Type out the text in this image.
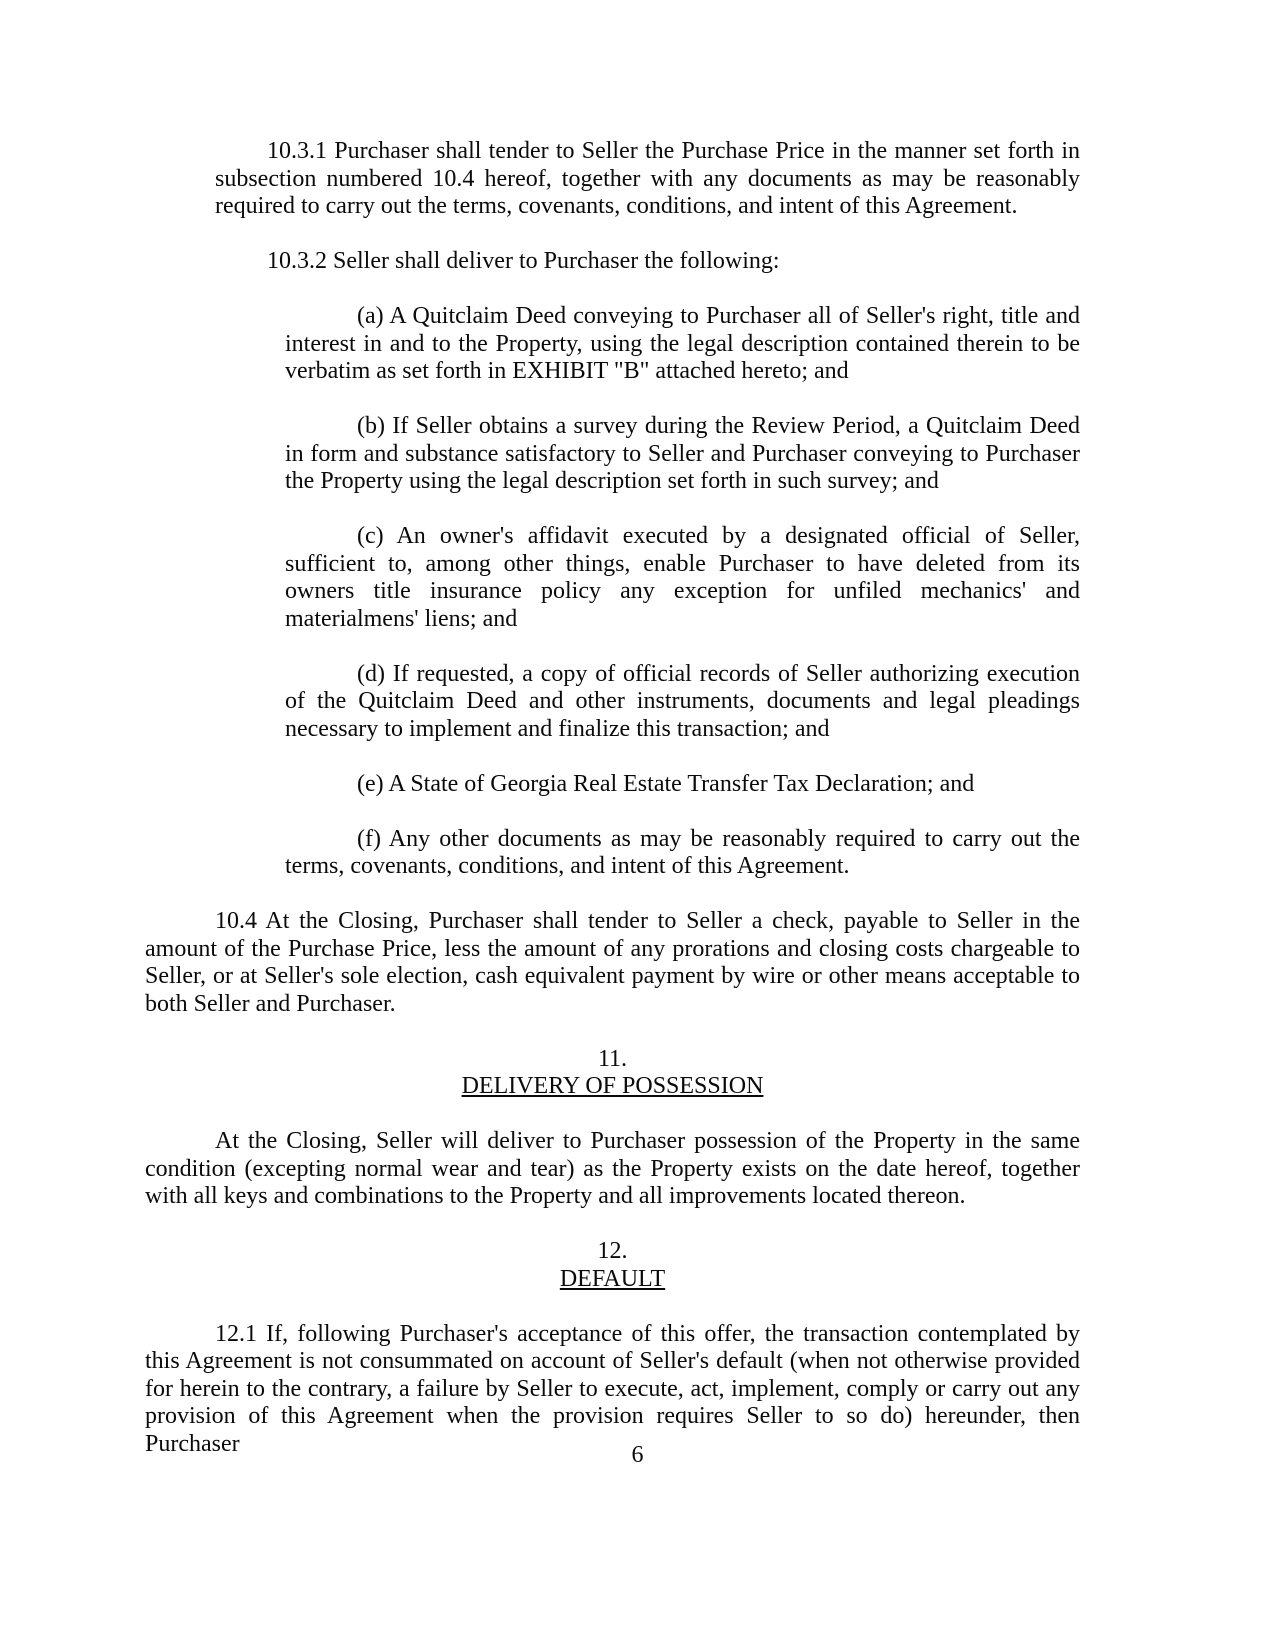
10.3.1 Purchaser shall tender to Seller the Purchase Price in the manner set forth in subsection numbered 10.4 hereof, together with any documents as may be reasonably required to carry out the terms, covenants, conditions, and intent of this Agreement.

10.3.2 Seller shall deliver to Purchaser the following:

(a) A Quitclaim Deed conveying to Purchaser all of Seller's right, title and interest in and to the Property, using the legal description contained therein to be verbatim as set forth in EXHIBIT "B" attached hereto; and

(b) If Seller obtains a survey during the Review Period, a Quitclaim Deed in form and substance satisfactory to Seller and Purchaser conveying to Purchaser the Property using the legal description set forth in such survey; and

(c) An owner's affidavit executed by a designated official of Seller, sufficient to, among other things, enable Purchaser to have deleted from its owners title insurance policy any exception for unfiled mechanics' and materialmens' liens; and

(d) If requested, a copy of official records of Seller authorizing execution of the Quitclaim Deed and other instruments, documents and legal pleadings necessary to implement and finalize this transaction; and

(e) A State of Georgia Real Estate Transfer Tax Declaration; and

(f) Any other documents as may be reasonably required to carry out the terms, covenants, conditions, and intent of this Agreement.

10.4 At the Closing, Purchaser shall tender to Seller a check, payable to Seller in the amount of the Purchase Price, less the amount of any prorations and closing costs chargeable to Seller, or at Seller's sole election, cash equivalent payment by wire or other means acceptable to both Seller and Purchaser.

11.

DELIVERY OF POSSESSION

At the Closing, Seller will deliver to Purchaser possession of the Property in the same condition (excepting normal wear and tear) as the Property exists on the date hereof, together with all keys and combinations to the Property and all improvements located thereon.

12.

DEFAULT

12.1 If, following Purchaser's acceptance of this offer, the transaction contemplated by this Agreement is not consummated on account of Seller's default (when not otherwise provided for herein to the contrary, a failure by Seller to execute, act, implement, comply or carry out any provision of this Agreement when the provision requires Seller to so do) hereunder, then Purchaser	6
